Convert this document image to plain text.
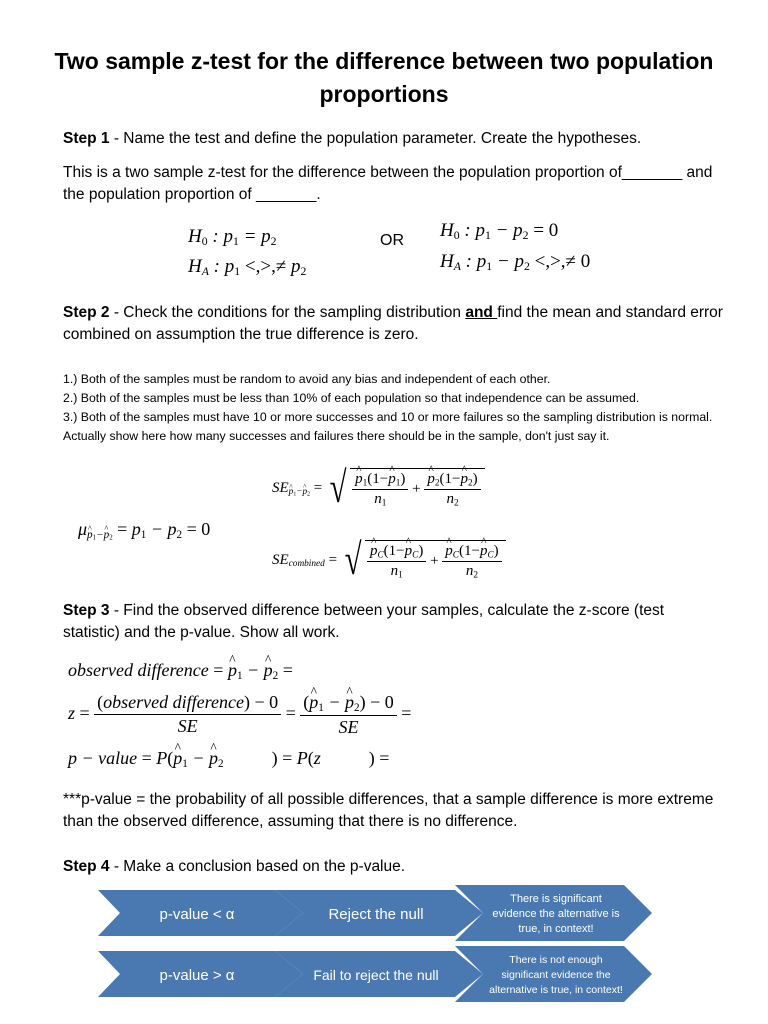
Two sample z-test for the difference between two population proportions
Step 1 - Name the test and define the population parameter. Create the hypotheses.
This is a two sample z-test for the difference between the population proportion of_______ and the population proportion of _______.
$H_0$ : $p_1 = p_2$
$H_A$ : $p_1$ <,>,≠ $p_2$
OR $H_0$ : $p_1 - p_2 = 0$
$H_A$ : $p_1 - p_2$ <,>,≠ 0
Step 2 - Check the conditions for the sampling distribution and find the mean and standard error combined on assumption the true difference is zero.
1.) Both of the samples must be random to avoid any bias and independent of each other.
2.) Both of the samples must be less than 10% of each population so that independence can be assumed.
3.) Both of the samples must have 10 or more successes and 10 or more failures so the sampling distribution is normal. Actually show here how many successes and failures there should be in the sample, don't just say it.
μ^ $_{p_1-\^{} p_2} = p_1 - p_2 = 0$
SE^ $_{p_1-\^{} p_2}$ = √ ^ $\frac{p_1(1-\^{} p_1)}{n_1}$ + ^ $\frac{p_2(1-\^{} p_2)}{n_2}$
$SE_{combined}$ = √ ^ $\frac{p_C(1-\^{} p_C)}{n_1}$ + ^ $\frac{p_C(1-\^{} p_C)}{n_2}$
Step 3 - Find the observed difference between your samples, calculate the z-score (test statistic) and the p-value. Show all work.
observed difference = ^ $p_1$ − ^ $p_2$ =
$z = \frac{\text{(observed difference) − 0}}{SE} = \frac{(\^{} p_1 - \^{} p_2) - 0}{SE}$ =
p − value = P(^ $p_1$ − ^ $p_2$	) = P(z	) =
***p-value = the probability of all possible differences, that a sample difference is more extreme than the observed difference, assuming that there is no difference.
Step 4 - Make a conclusion based on the p-value.
p-value < α	Reject the null
There is significant
evidence the alternative is
true, in context!
p-value > α	Fail to reject the null
There is not enough
significant evidence the
alternative is true, in context!
